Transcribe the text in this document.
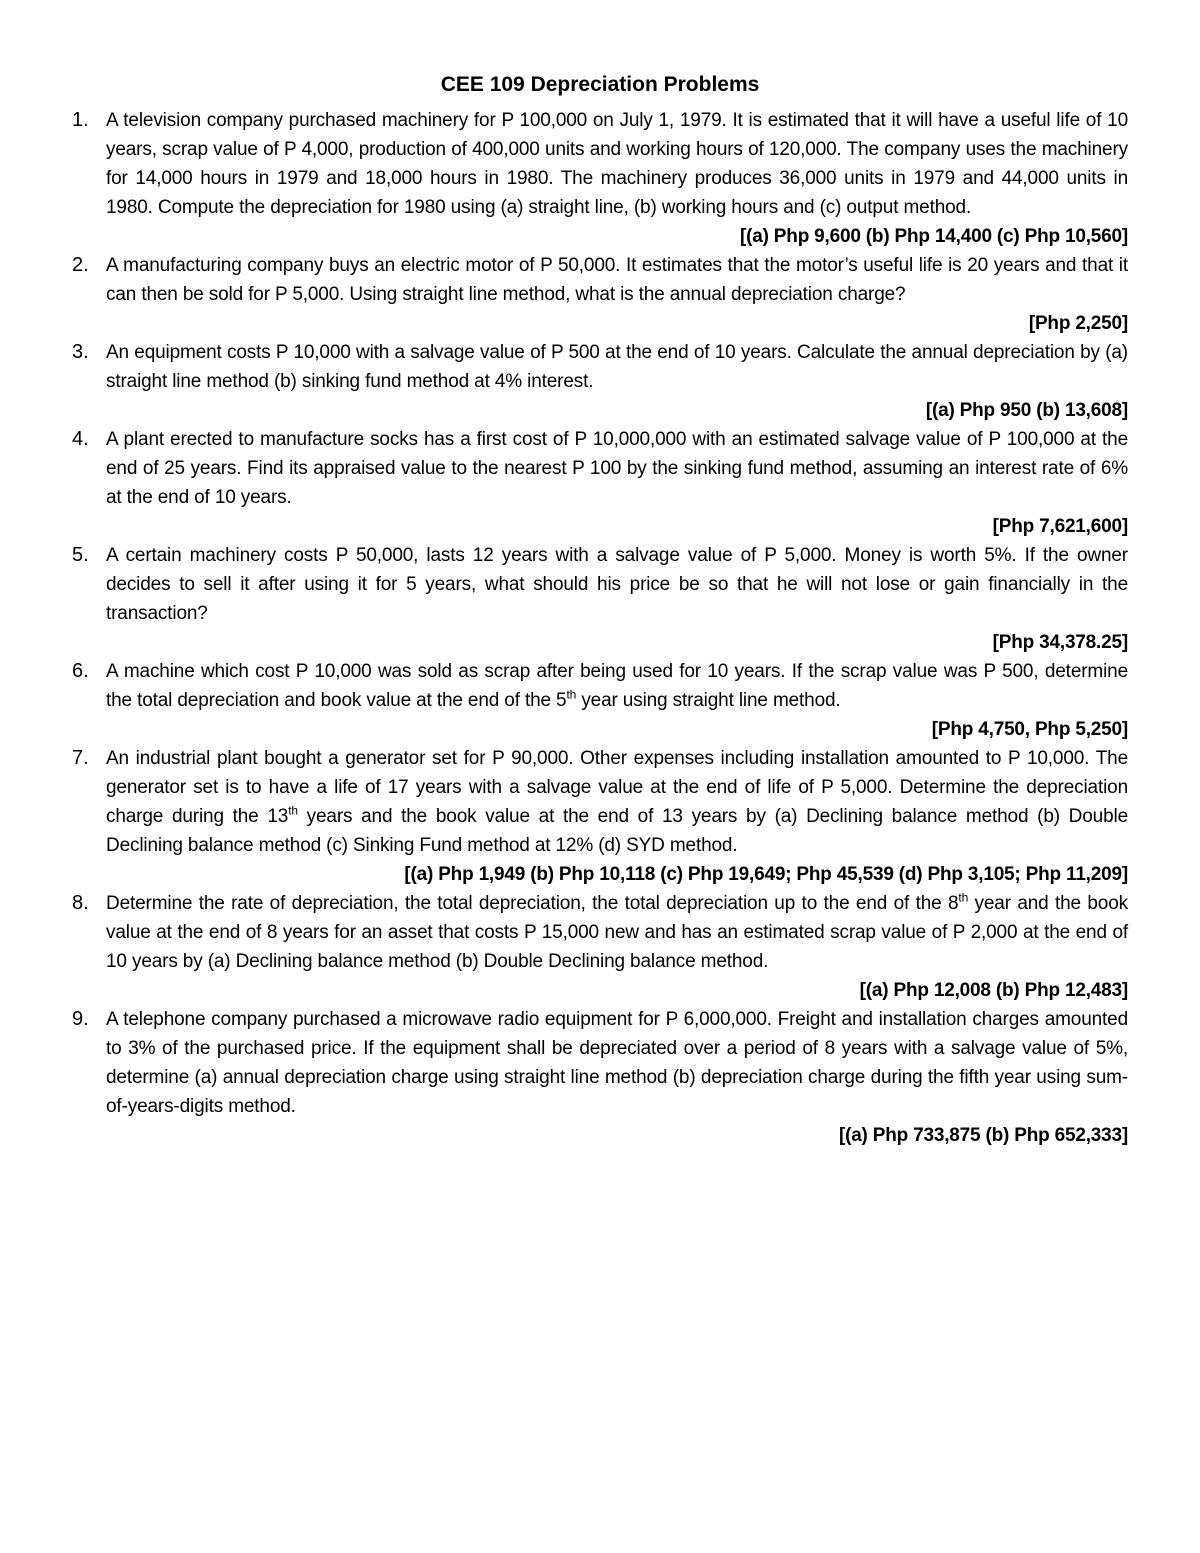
CEE 109 Depreciation Problems
1. A television company purchased machinery for P 100,000 on July 1, 1979. It is estimated that it will have a useful life of 10 years, scrap value of P 4,000, production of 400,000 units and working hours of 120,000. The company uses the machinery for 14,000 hours in 1979 and 18,000 hours in 1980. The machinery produces 36,000 units in 1979 and 44,000 units in 1980. Compute the depreciation for 1980 using (a) straight line, (b) working hours and (c) output method.
[(a) Php 9,600 (b) Php 14,400 (c) Php 10,560]
2. A manufacturing company buys an electric motor of P 50,000. It estimates that the motor’s useful life is 20 years and that it can then be sold for P 5,000. Using straight line method, what is the annual depreciation charge?
[Php 2,250]
3. An equipment costs P 10,000 with a salvage value of P 500 at the end of 10 years. Calculate the annual depreciation by (a) straight line method (b) sinking fund method at 4% interest.
[(a) Php 950 (b) 13,608]
4. A plant erected to manufacture socks has a first cost of P 10,000,000 with an estimated salvage value of P 100,000 at the end of 25 years. Find its appraised value to the nearest P 100 by the sinking fund method, assuming an interest rate of 6% at the end of 10 years.
[Php 7,621,600]
5. A certain machinery costs P 50,000, lasts 12 years with a salvage value of P 5,000. Money is worth 5%. If the owner decides to sell it after using it for 5 years, what should his price be so that he will not lose or gain financially in the transaction?
[Php 34,378.25]
6. A machine which cost P 10,000 was sold as scrap after being used for 10 years. If the scrap value was P 500, determine the total depreciation and book value at the end of the 5th year using straight line method.
[Php 4,750, Php 5,250]
7. An industrial plant bought a generator set for P 90,000. Other expenses including installation amounted to P 10,000. The generator set is to have a life of 17 years with a salvage value at the end of life of P 5,000. Determine the depreciation charge during the 13th years and the book value at the end of 13 years by (a) Declining balance method (b) Double Declining balance method (c) Sinking Fund method at 12% (d) SYD method.
[(a) Php 1,949 (b) Php 10,118 (c) Php 19,649; Php 45,539 (d) Php 3,105; Php 11,209]
8. Determine the rate of depreciation, the total depreciation, the total depreciation up to the end of the 8th year and the book value at the end of 8 years for an asset that costs P 15,000 new and has an estimated scrap value of P 2,000 at the end of 10 years by (a) Declining balance method (b) Double Declining balance method.
[(a) Php 12,008 (b) Php 12,483]
9. A telephone company purchased a microwave radio equipment for P 6,000,000. Freight and installation charges amounted to 3% of the purchased price. If the equipment shall be depreciated over a period of 8 years with a salvage value of 5%, determine (a) annual depreciation charge using straight line method (b) depreciation charge during the fifth year using sum-of-years-digits method.
[(a) Php 733,875 (b) Php 652,333]
